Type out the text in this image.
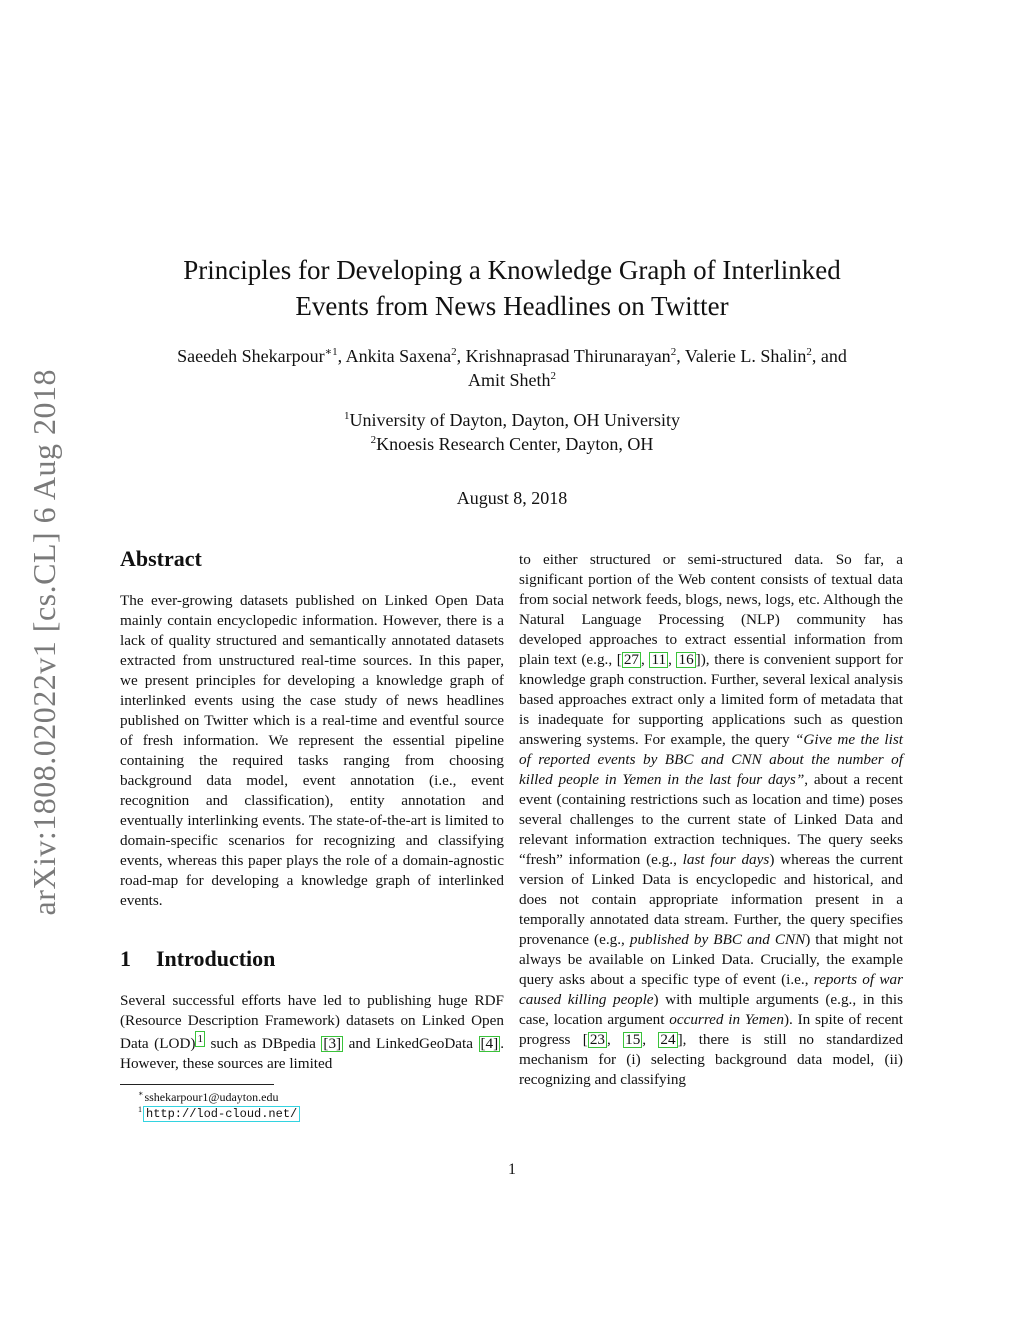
arXiv:1808.02022v1 [cs.CL] 6 Aug 2018
Principles for Developing a Knowledge Graph of Interlinked
Events from News Headlines on Twitter
Saeedeh Shekarpour$^{∗1}$, Ankita Saxena$^2$, Krishnaprasad Thirunarayan$^2$, Valerie L. Shalin$^2$, and
Amit Sheth$^2$
$^1$University of Dayton, Dayton, OH University
$^2$Knoesis Research Center, Dayton, OH
August 8, 2018
Abstract

The ever-growing datasets published on Linked Open Data mainly contain encyclopedic information. However, there is a lack of quality structured and semantically annotated datasets extracted from unstructured real-time sources. In this paper, we present principles for developing a knowledge graph of interlinked events using the case study of news headlines published on Twitter which is a real-time and eventful source of fresh information. We represent the essential pipeline containing the required tasks ranging from choosing background data model, event annotation (i.e., event recognition and classification), entity annotation and eventually interlinking events. The state-of-the-art is limited to domain-specific scenarios for recognizing and classifying events, whereas this paper plays the role of a domain-agnostic road-map for developing a knowledge graph of interlinked events.

1 Introduction

Several successful efforts have led to publishing huge RDF (Resource Description Framework) datasets on Linked Open Data (LOD) $^1$ such as DBpedia [3] and LinkedGeoData [4] . However, these sources are limited

∗sshekarpour1@udayton.edu
$^1$ http://lod-cloud.net/

to either structured or semi-structured data. So far, a significant portion of the Web content consists of textual data from social network feeds, blogs, news, logs, etc. Although the Natural Language Processing (NLP) community has developed approaches to extract essential information from plain text (e.g., [ 27 , 11 , 16 ]), there is convenient support for knowledge graph construction. Further, several lexical analysis based approaches extract only a limited form of metadata that is inadequate for supporting applications such as question answering systems. For example, the query “Give me the list of reported events by BBC and CNN about the number of killed people in Yemen in the last four days”, about a recent event (containing restrictions such as location and time) poses several challenges to the current state of Linked Data and relevant information extraction techniques. The query seeks “fresh” information (e.g., last four days) whereas the current version of Linked Data is encyclopedic and historical, and does not contain appropriate information present in a temporally annotated data stream. Further, the query specifies provenance (e.g., published by BBC and CNN) that might not always be available on Linked Data. Crucially, the example query asks about a specific type of event (i.e., reports of war caused killing people) with multiple arguments (e.g., in this case, location argument occurred in Yemen). In spite of recent progress [ 23 , 15 , 24 ], there is still no standardized mechanism for (i) selecting background data model, (ii) recognizing and classifying

1
